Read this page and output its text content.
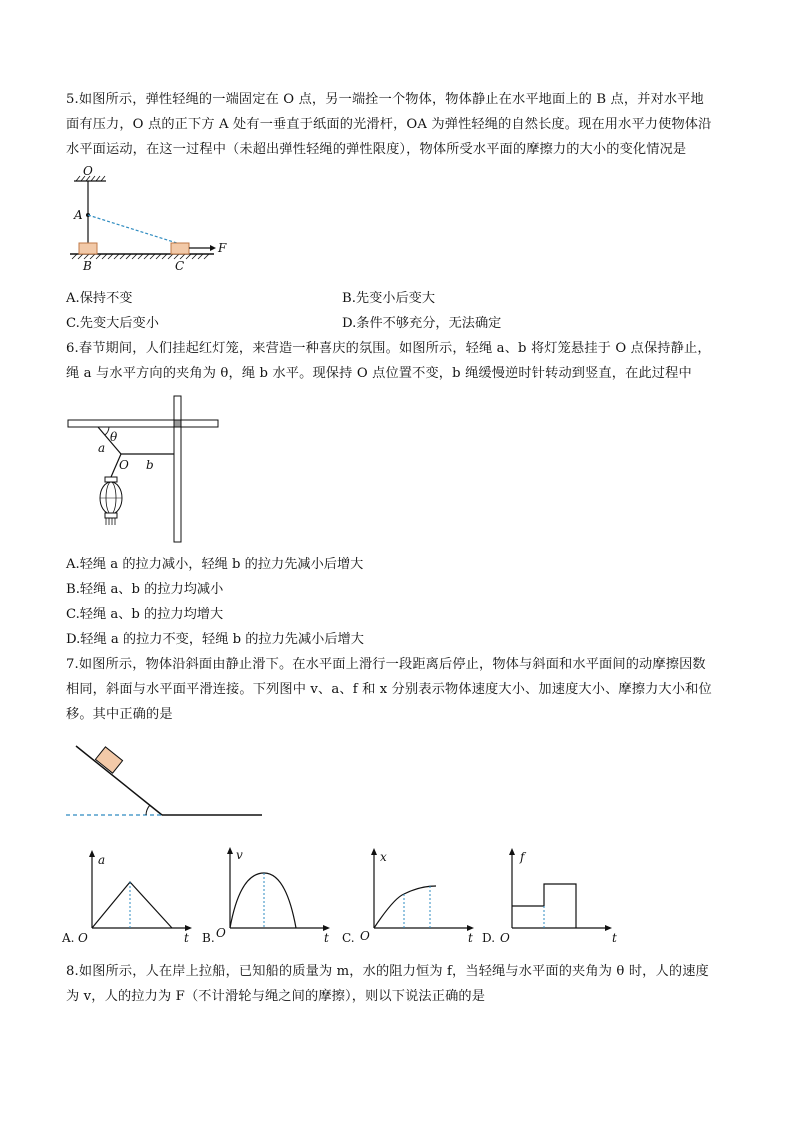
5.如图所示，弹性轻绳的一端固定在 O 点，另一端拴一个物体，物体静止在水平地面上的 B 点，并对水平地
面有压力，O 点的正下方 A 处有一垂直于纸面的光滑杆，OA 为弹性轻绳的自然长度。现在用水平力使物体沿
水平面运动，在这一过程中（未超出弹性轻绳的弹性限度），物体所受水平面的摩擦力的大小的变化情况是
O
A
F
B	C
A.保持不变	B.先变小后变大
C.先变大后变小	D.条件不够充分，无法确定
6.春节期间，人们挂起红灯笼，来营造一种喜庆的氛围。如图所示，轻绳 a、b 将灯笼悬挂于 O 点保持静止，
绳 a 与水平方向的夹角为 θ，绳 b 水平。现保持 O 点位置不变，b 绳缓慢逆时针转动到竖直，在此过程中
θ
a
O b
A.轻绳 a 的拉力减小，轻绳 b 的拉力先减小后增大
B.轻绳 a、b 的拉力均减小
C.轻绳 a、b 的拉力均增大
D.轻绳 a 的拉力不变，轻绳 b 的拉力先减小后增大
7.如图所示，物体沿斜面由静止滑下。在水平面上滑行一段距离后停止，物体与斜面和水平面间的动摩擦因数
相同，斜面与水平面平滑连接。下列图中 v、a、f 和 x 分别表示物体速度大小、加速度大小、摩擦力大小和位
移。其中正确的是
A.
a
O	t B.
v
O	t C.
x
O	t D.
f
O	t
8.如图所示，人在岸上拉船，已知船的质量为 m，水的阻力恒为 f，当轻绳与水平面的夹角为 θ 时，人的速度
为 v，人的拉力为 F（不计滑轮与绳之间的摩擦），则以下说法正确的是
